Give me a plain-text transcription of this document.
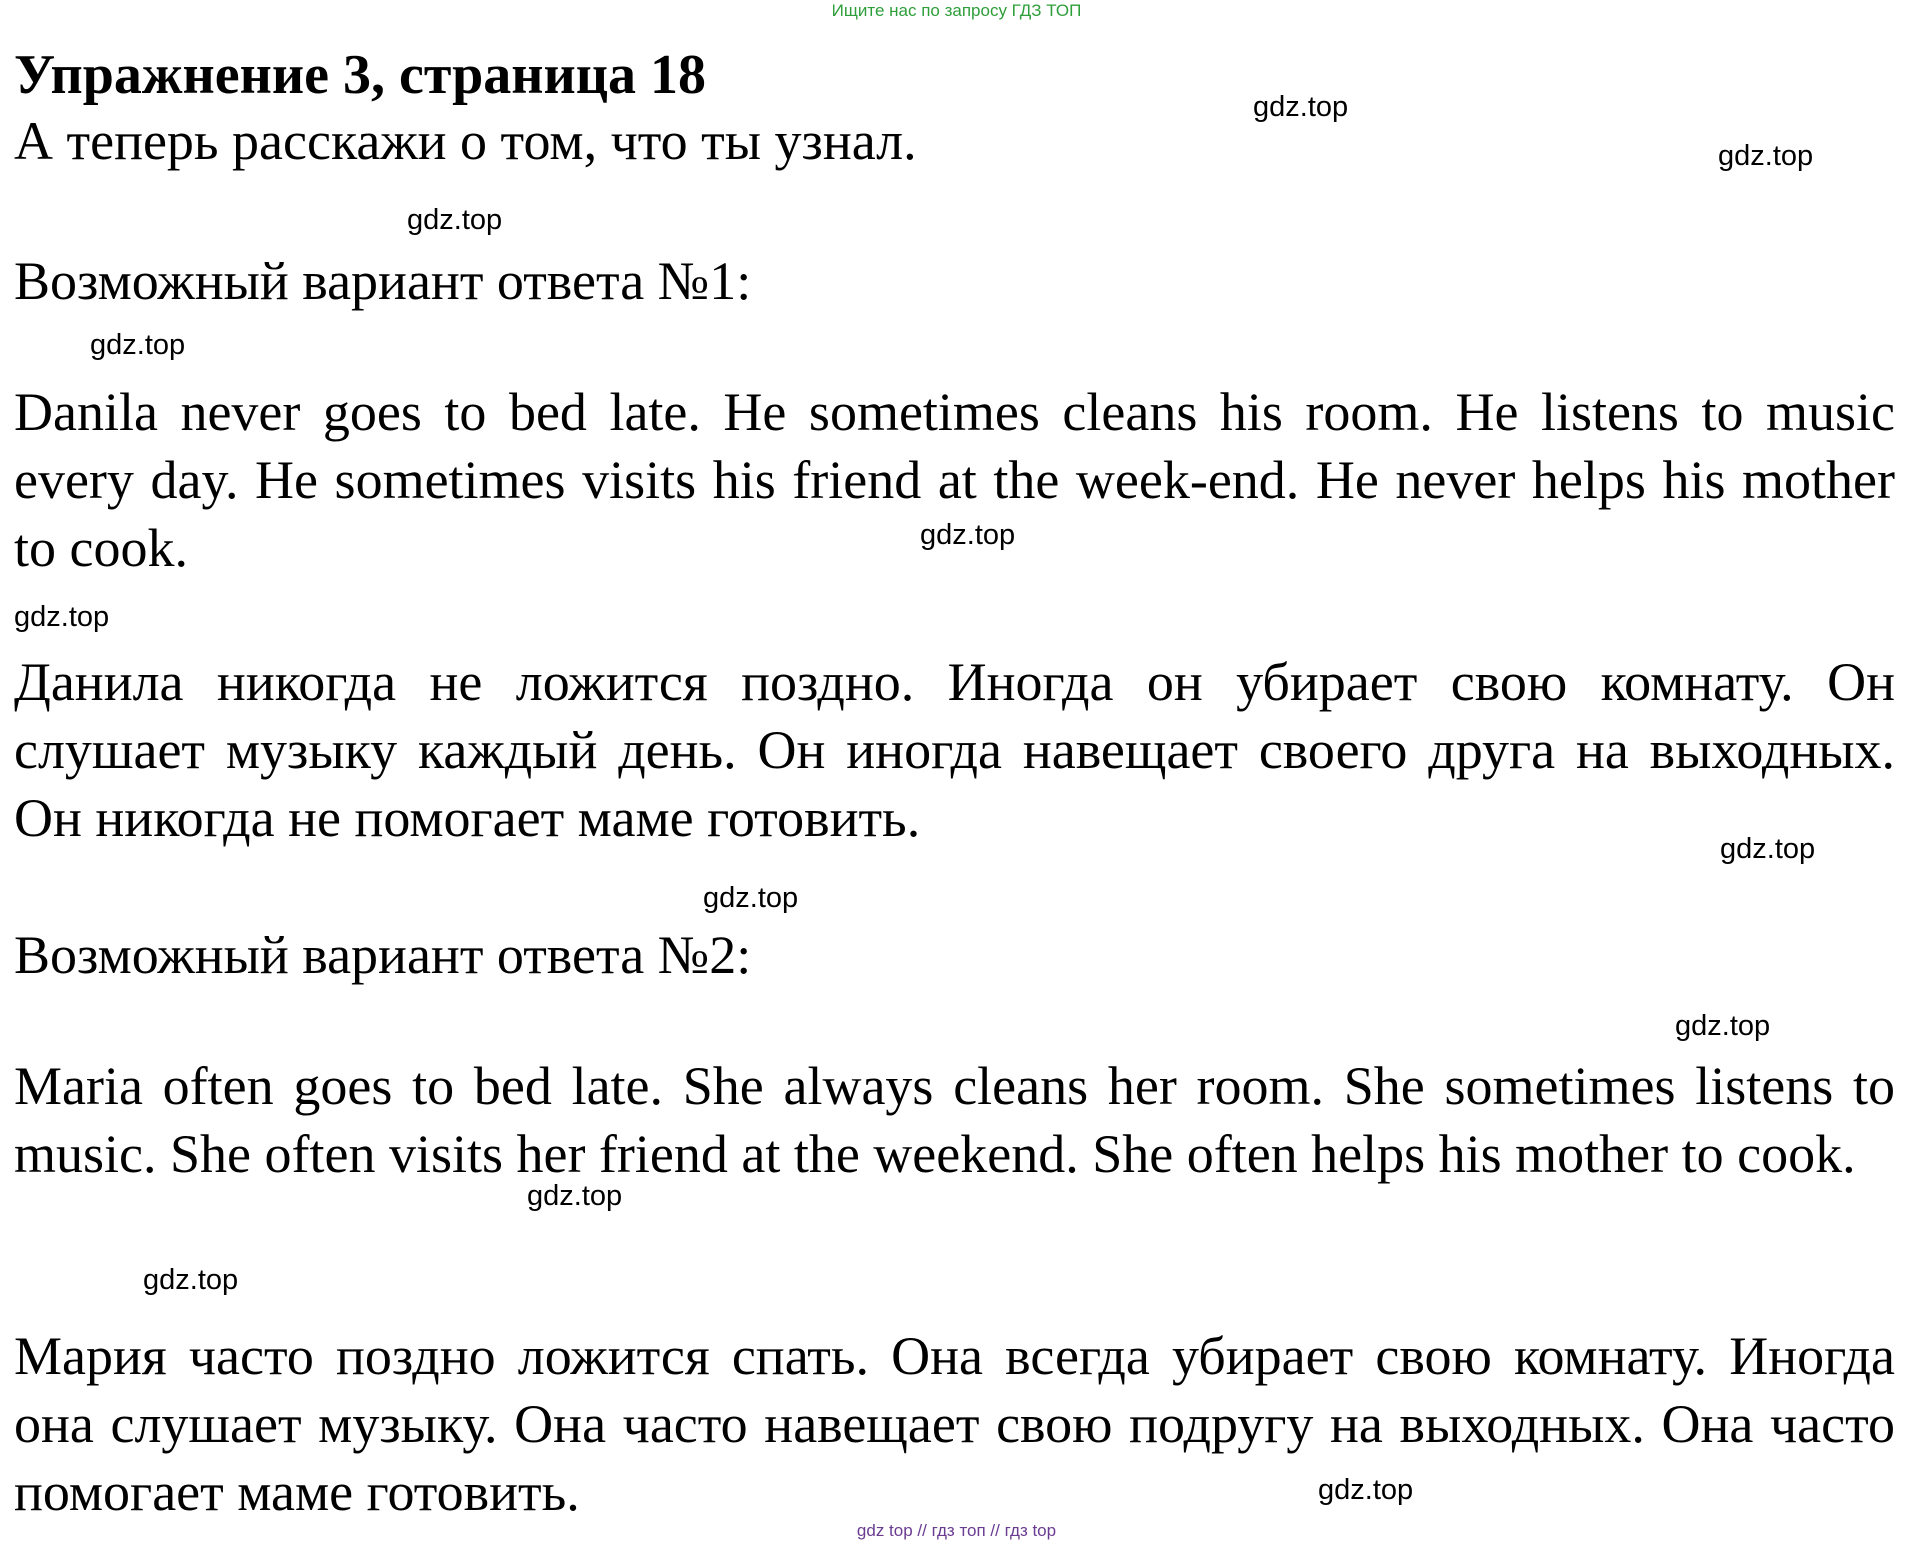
Ищите нас по запросу ГДЗ ТОП
Упражнение 3, страница 18
А теперь расскажи о том, что ты узнал.
Возможный вариант ответа №1:
Danila never goes to bed late. He sometimes cleans his room. He listens to music every day. He sometimes visits his friend at the week-end. He never helps his mother to cook.
Данила никогда не ложится поздно. Иногда он убирает свою комнату. Он слушает музыку каждый день. Он иногда навещает своего друга на выходных. Он никогда не помогает маме готовить.
Возможный вариант ответа №2:
Maria often goes to bed late. She always cleans her room. She sometimes listens to music. She often visits her friend at the weekend. She often helps his mother to cook.
Мария часто поздно ложится спать. Она всегда убирает свою комнату. Иногда она слушает музыку. Она часто навещает свою подругу на выходных. Она часто помогает маме готовить.
gdz.top
gdz.top
gdz.top
gdz.top
gdz.top
gdz.top
gdz.top
gdz.top
gdz.top
gdz.top
gdz.top
gdz.top
gdz top // гдз топ // гдз top
